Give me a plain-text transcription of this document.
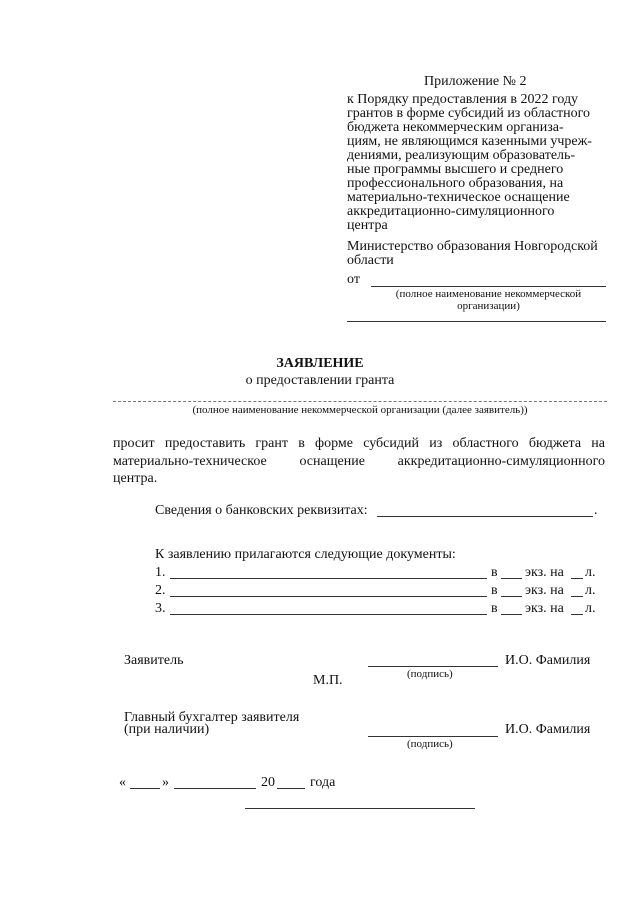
Приложение № 2
к Порядку предоставления в 2022 году
грантов в форме субсидий из областного
бюджета некоммерческим организа-
циям, не являющимся казенными учреж-
дениями, реализующим образователь-
ные программы высшего и среднего
профессионального образования, на
материально-техническое оснащение
аккредитационно-симуляционного
центра
Министерство образования Новгородской
области
от
(полное наименование некоммерческой
организации)
ЗАЯВЛЕНИЕ
о предоставлении гранта
(полное наименование некоммерческой организации (далее заявитель))
просит предоставить грант в форме субсидий из областного бюджета на
материально-техническое оснащение аккредитационно-симуляционного
центра.
Сведения о банковских реквизитах:	.
К заявлению прилагаются следующие документы:
1.	в экз. на л.
2.	в экз. на л.
3.	в экз. на л.
Заявитель	И.О. Фамилия
(подпись)
М.П.
Главный бухгалтер заявителя
(при наличии)	И.О. Фамилия
(подпись)
«	»	20	года
